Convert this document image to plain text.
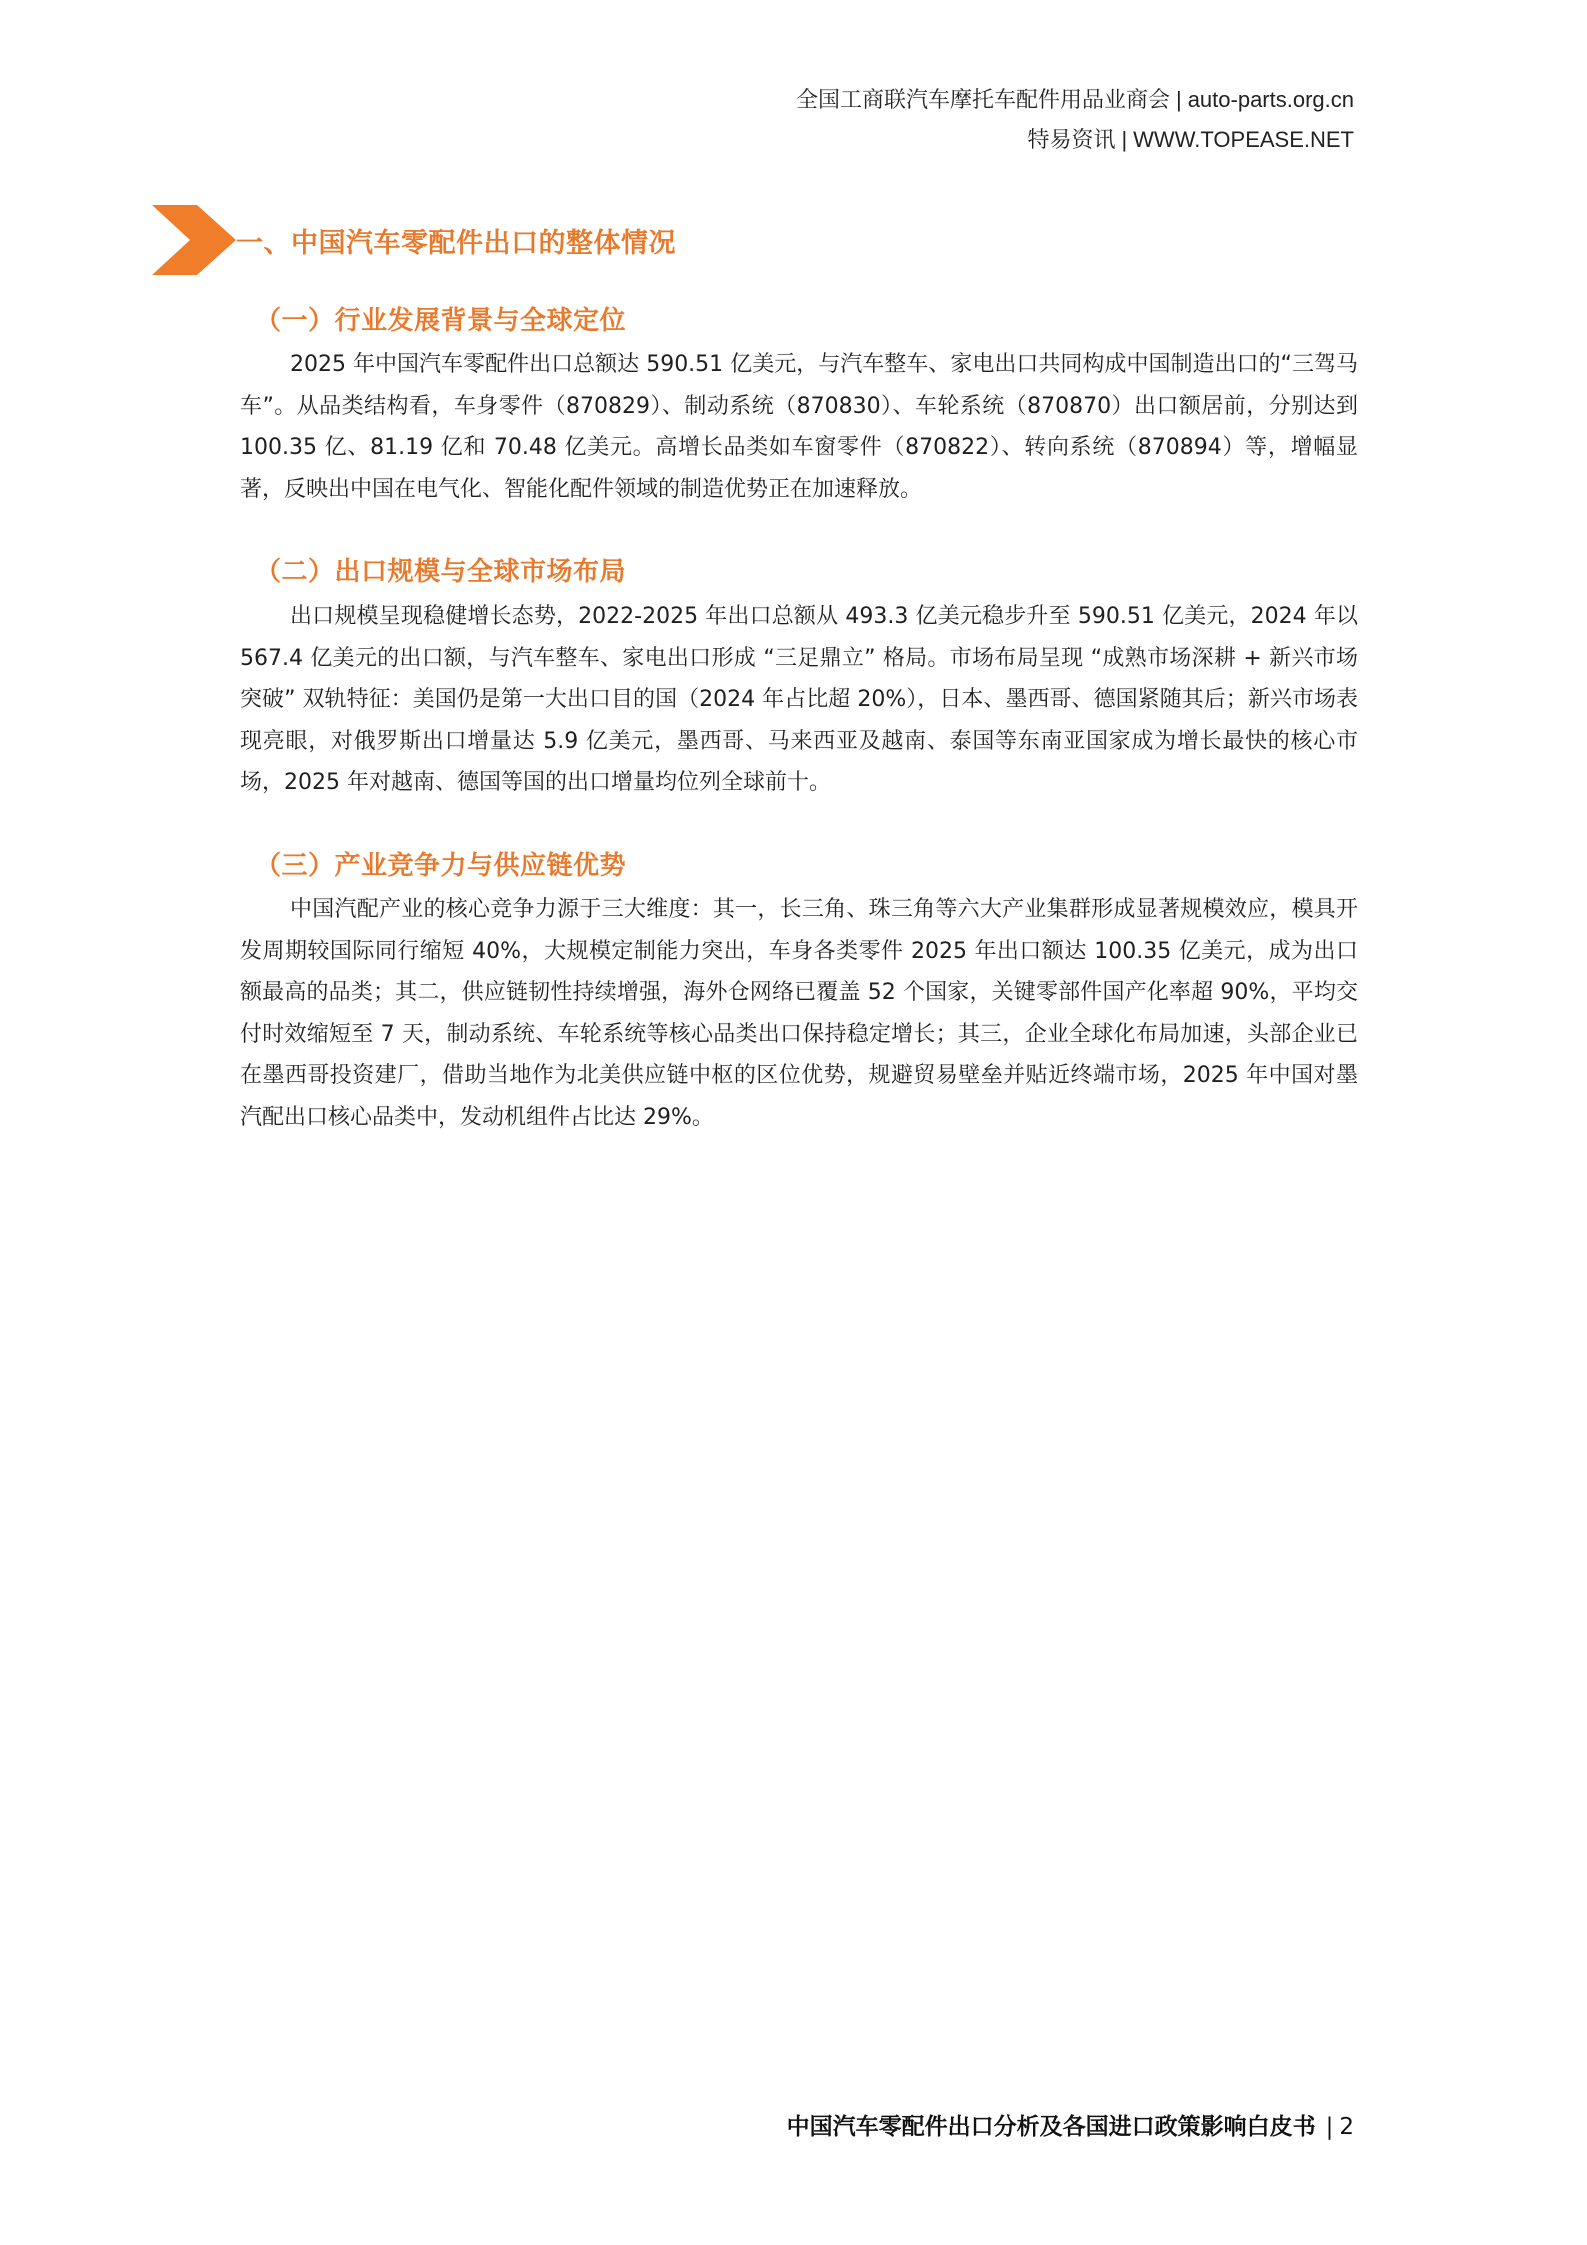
全国工商联汽车摩托车配件用品业商会 | auto-parts.org.cn
特易资讯 | WWW.TOPEASE.NET
一、中国汽车零配件出口的整体情况
（一）行业发展背景与全球定位

2025 年中国汽车零配件出口总额达 590.51 亿美元，与汽车整车、家电出口共同构成中国制造出口的“三驾马车”。从品类结构看，车身零件（870829）、制动系统（870830）、车轮系统（870870）出口额居前，分别达到 100.35 亿、81.19 亿和 70.48 亿美元。高增长品类如车窗零件（870822）、转向系统（870894）等，增幅显著，反映出中国在电气化、智能化配件领域的制造优势正在加速释放。

（二）出口规模与全球市场布局

出口规模呈现稳健增长态势，2022-2025 年出口总额从 493.3 亿美元稳步升至 590.51 亿美元，2024 年以 567.4 亿美元的出口额，与汽车整车、家电出口形成 “三足鼎立” 格局。市场布局呈现 “成熟市场深耕 + 新兴市场突破” 双轨特征：美国仍是第一大出口目的国（2024 年占比超 20%），日本、墨西哥、德国紧随其后；新兴市场表现亮眼，对俄罗斯出口增量达 5.9 亿美元，墨西哥、马来西亚及越南、泰国等东南亚国家成为增长最快的核心市场，2025 年对越南、德国等国的出口增量均位列全球前十。

（三）产业竞争力与供应链优势

中国汽配产业的核心竞争力源于三大维度：其一，长三角、珠三角等六大产业集群形成显著规模效应，模具开发周期较国际同行缩短 40%，大规模定制能力突出，车身各类零件 2025 年出口额达 100.35 亿美元，成为出口额最高的品类；其二，供应链韧性持续增强，海外仓网络已覆盖 52 个国家，关键零部件国产化率超 90%，平均交付时效缩短至 7 天，制动系统、车轮系统等核心品类出口保持稳定增长；其三，企业全球化布局加速，头部企业已在墨西哥投资建厂，借助当地作为北美供应链中枢的区位优势，规避贸易壁垒并贴近终端市场，2025 年中国对墨汽配出口核心品类中，发动机组件占比达 29%。

中国汽车零配件出口分析及各国进口政策影响白皮书 | 2
